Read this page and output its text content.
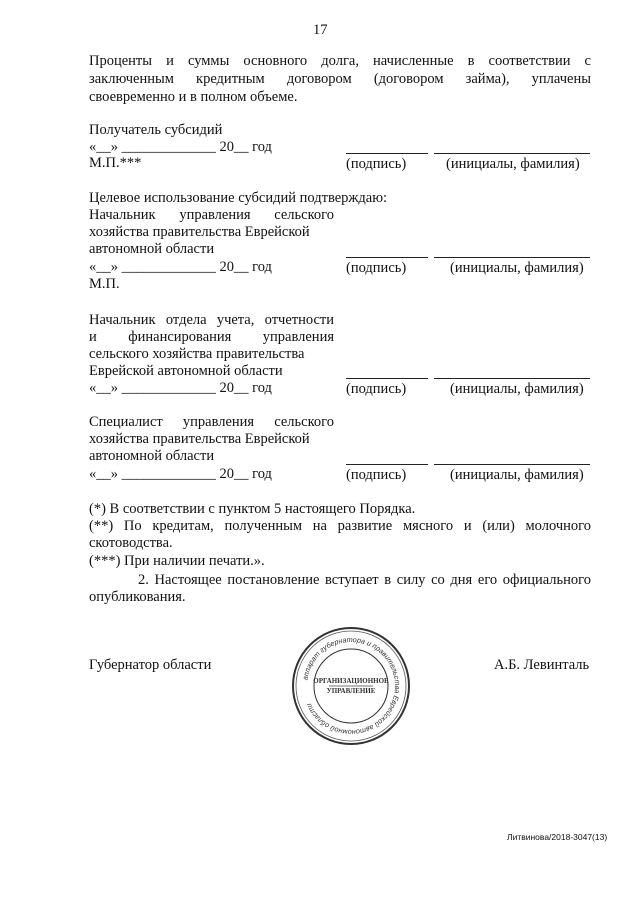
17
Проценты и суммы основного долга, начисленные в соответствии с
заключенным кредитным договором (договором займа), уплачены
своевременно и в полном объеме.
Получатель субсидий
«__» _____________ 20__ год
М.П.***	(подпись)	(инициалы, фамилия)
Целевое использование субсидий подтверждаю:
Начальник управления сельского
хозяйства правительства Еврейской
автономной области
«__» _____________ 20__ год
М.П.
(подпись)	(инициалы, фамилия)
Начальник отдела учета, отчетности
и финансирования управления
сельского хозяйства правительства
Еврейской автономной области
«__» _____________ 20__ год	(подпись)	(инициалы, фамилия)
Специалист управления сельского
хозяйства правительства Еврейской
автономной области
«__» _____________ 20__ год	(подпись)	(инициалы, фамилия)
(*) В соответствии с пунктом 5 настоящего Порядка.
(**) По кредитам, полученным на развитие мясного и (или) молочного
скотоводства.
(***) При наличии печати.».
2. Настоящее постановление вступает в силу со дня его официального
опубликования.
Губернатор области	А.Б. Левинталь
аппарат губернатора и правительства Еврейской автономной области
ОРГАНИЗАЦИОННОЕ
УПРАВЛЕНИЕ
Литвинова/2018-3047(13)
